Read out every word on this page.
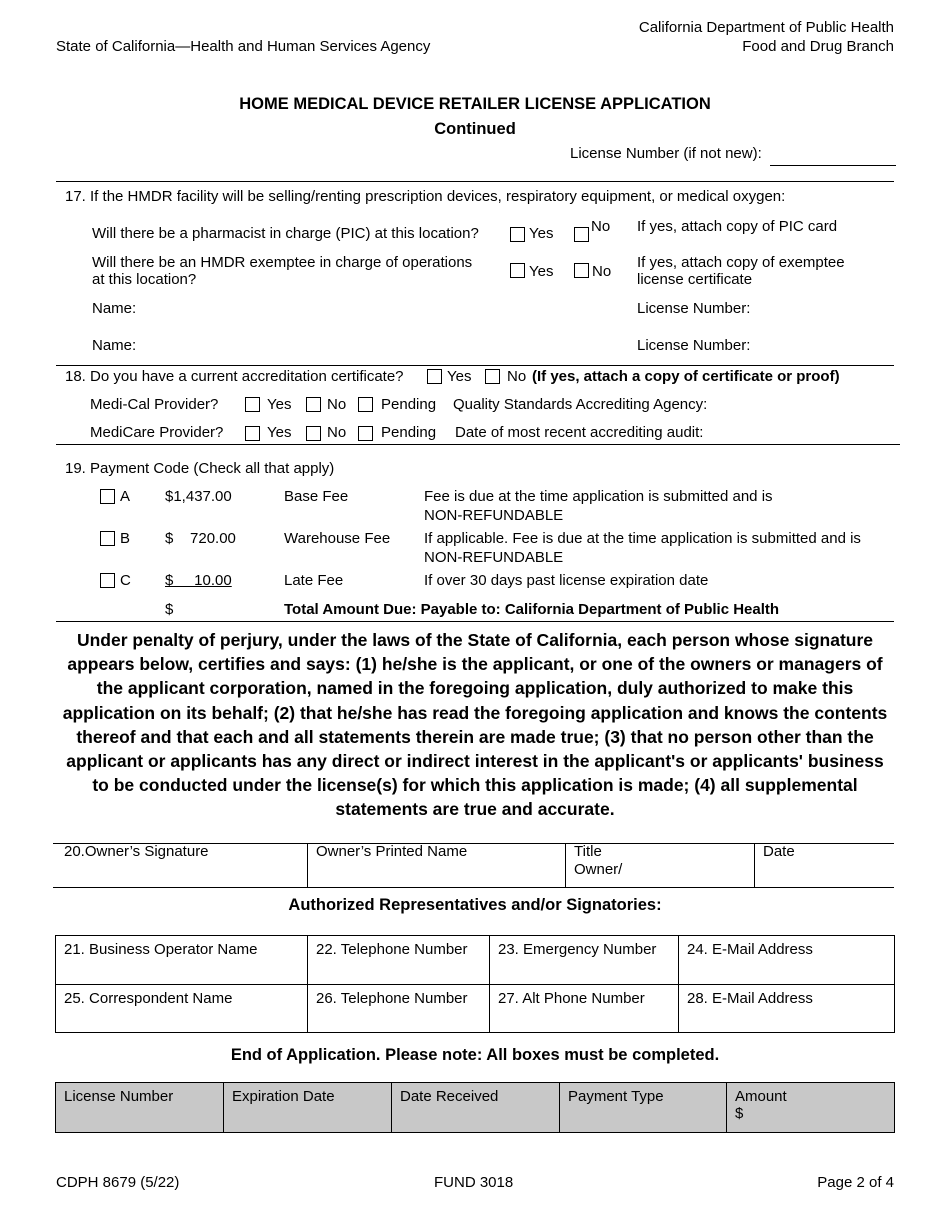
State of California—Health and Human Services Agency
California Department of Public Health
Food and Drug Branch
HOME MEDICAL DEVICE RETAILER LICENSE APPLICATION
Continued
License Number (if not new):
17. If the HMDR facility will be selling/renting prescription devices, respiratory equipment, or medical oxygen:
Will there be a pharmacist in charge (PIC) at this location?	Yes	No If yes, attach copy of PIC card
Will there be an HMDR exemptee in charge of operations
at this location?	Yes	No
If yes, attach copy of exemptee
license certificate
Name:	License Number:
Name:	License Number:
18. Do you have a current accreditation certificate?	Yes No (If yes, attach a copy of certificate or proof)
Medi-Cal Provider?	Yes No Pending Quality Standards Accrediting Agency:
MediCare Provider?	Yes No Pending Date of most recent accrediting audit:
19. Payment Code (Check all that apply)
A $1,437.00	Base Fee	Fee is due at the time application is submitted and is
NON-REFUNDABLE
B $    720.00	Warehouse Fee If applicable. Fee is due at the time application is submitted and is
NON-REFUNDABLE
C $     10.00	Late Fee	If over 30 days past license expiration date
$	Total Amount Due: Payable to: California Department of Public Health
Under penalty of perjury, under the laws of the State of California, each person whose signature appears below, certifies and says: (1) he/she is the applicant, or one of the owners or managers of the applicant corporation, named in the foregoing application, duly authorized to make this application on its behalf; (2) that he/she has read the foregoing application and knows the contents thereof and that each and all statements therein are made true; (3) that no person other than the applicant or applicants has any direct or indirect interest in the applicant's or applicants' business to be conducted under the license(s) for which this application is made; (4) all supplemental statements are true and accurate.
20.Owner’s Signature	Owner’s Printed Name	Title
Owner/
Date
Authorized Representatives and/or Signatories:
21. Business Operator Name	22. Telephone Number	23. Emergency Number	24. E-Mail Address
25. Correspondent Name	26. Telephone Number	27. Alt Phone Number	28. E-Mail Address
End of Application. Please note: All boxes must be completed.
License Number	Expiration Date	Date Received	Payment Type	Amount
$
CDPH 8679 (5/22)	FUND 3018	Page 2 of 4
